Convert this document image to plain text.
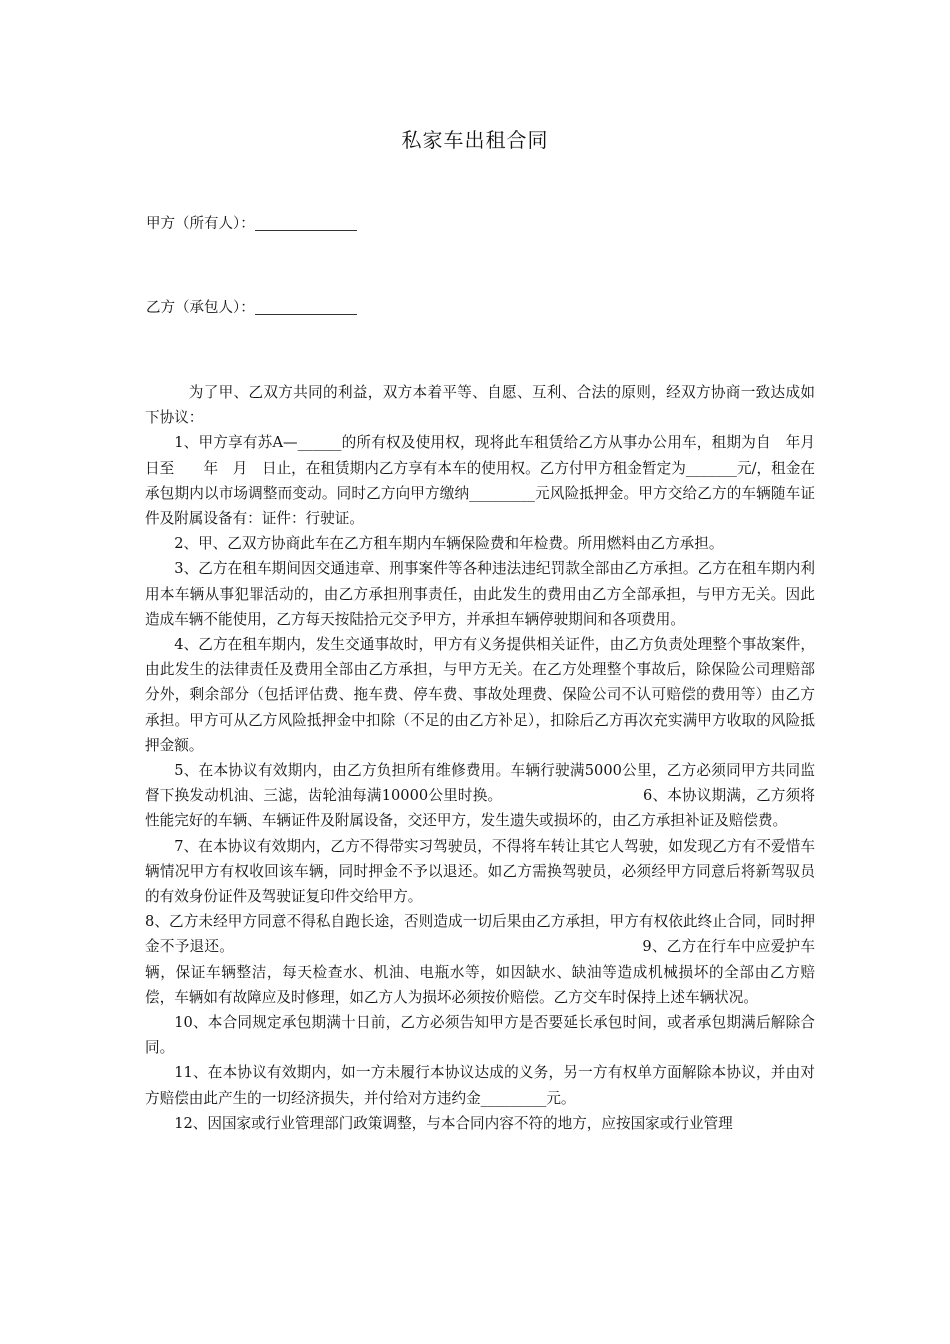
私家车出租合同
甲方（所有人）：
乙方（承包人）：

为了甲、乙双方共同的利益，双方本着平等、自愿、互利、合法的原则，经双方协商一致达成如下协议：

1、甲方享有苏A—______的所有权及使用权，现将此车租赁给乙方从事办公用车，租期为自　年月　日至　　年　月　日止，在租赁期内乙方享有本车的使用权。乙方付甲方租金暂定为_______元/，租金在承包期内以市场调整而变动。同时乙方向甲方缴纳_________元风险抵押金。甲方交给乙方的车辆随车证件及附属设备有：证件：行驶证。

2、甲、乙双方协商此车在乙方租车期内车辆保险费和年检费。所用燃料由乙方承担。

3、乙方在租车期间因交通违章、刑事案件等各种违法违纪罚款全部由乙方承担。乙方在租车期内利用本车辆从事犯罪活动的，由乙方承担刑事责任，由此发生的费用由乙方全部承担，与甲方无关。因此造成车辆不能使用，乙方每天按陆拾元交予甲方，并承担车辆停驶期间和各项费用。

4、乙方在租车期内，发生交通事故时，甲方有义务提供相关证件，由乙方负责处理整个事故案件，由此发生的法律责任及费用全部由乙方承担，与甲方无关。在乙方处理整个事故后，除保险公司理赔部分外，剩余部分（包括评估费、拖车费、停车费、事故处理费、保险公司不认可赔偿的费用等）由乙方承担。甲方可从乙方风险抵押金中扣除（不足的由乙方补足），扣除后乙方再次充实满甲方收取的风险抵押金额。

5、在本协议有效期内，由乙方负担所有维修费用。车辆行驶满5000公里，乙方必须同甲方共同监督下换发动机油、三滤，齿轮油每满10000公里时换。　　　　　　　　　　6、本协议期满，乙方须将性能完好的车辆、车辆证件及附属设备，交还甲方，发生遗失或损坏的，由乙方承担补证及赔偿费。

7、在本协议有效期内，乙方不得带实习驾驶员，不得将车转让其它人驾驶，如发现乙方有不爱惜车辆情况甲方有权收回该车辆，同时押金不予以退还。如乙方需换驾驶员，必须经甲方同意后将新驾驭员的有效身份证件及驾驶证复印件交给甲方。

8、乙方未经甲方同意不得私自跑长途，否则造成一切后果由乙方承担，甲方有权依此终止合同，同时押金不予退还。　　　　　　　　　　　　　　　　　　　　　　　　　　　　9、乙方在行车中应爱护车辆，保证车辆整洁，每天检查水、机油、电瓶水等，如因缺水、缺油等造成机械损坏的全部由乙方赔偿，车辆如有故障应及时修理，如乙方人为损坏必须按价赔偿。乙方交车时保持上述车辆状况。

10、本合同规定承包期满十日前，乙方必须告知甲方是否要延长承包时间，或者承包期满后解除合同。

11、在本协议有效期内，如一方未履行本协议达成的义务，另一方有权单方面解除本协议，并由对方赔偿由此产生的一切经济损失，并付给对方违约金_________元。

12、因国家或行业管理部门政策调整，与本合同内容不符的地方，应按国家或行业管理
